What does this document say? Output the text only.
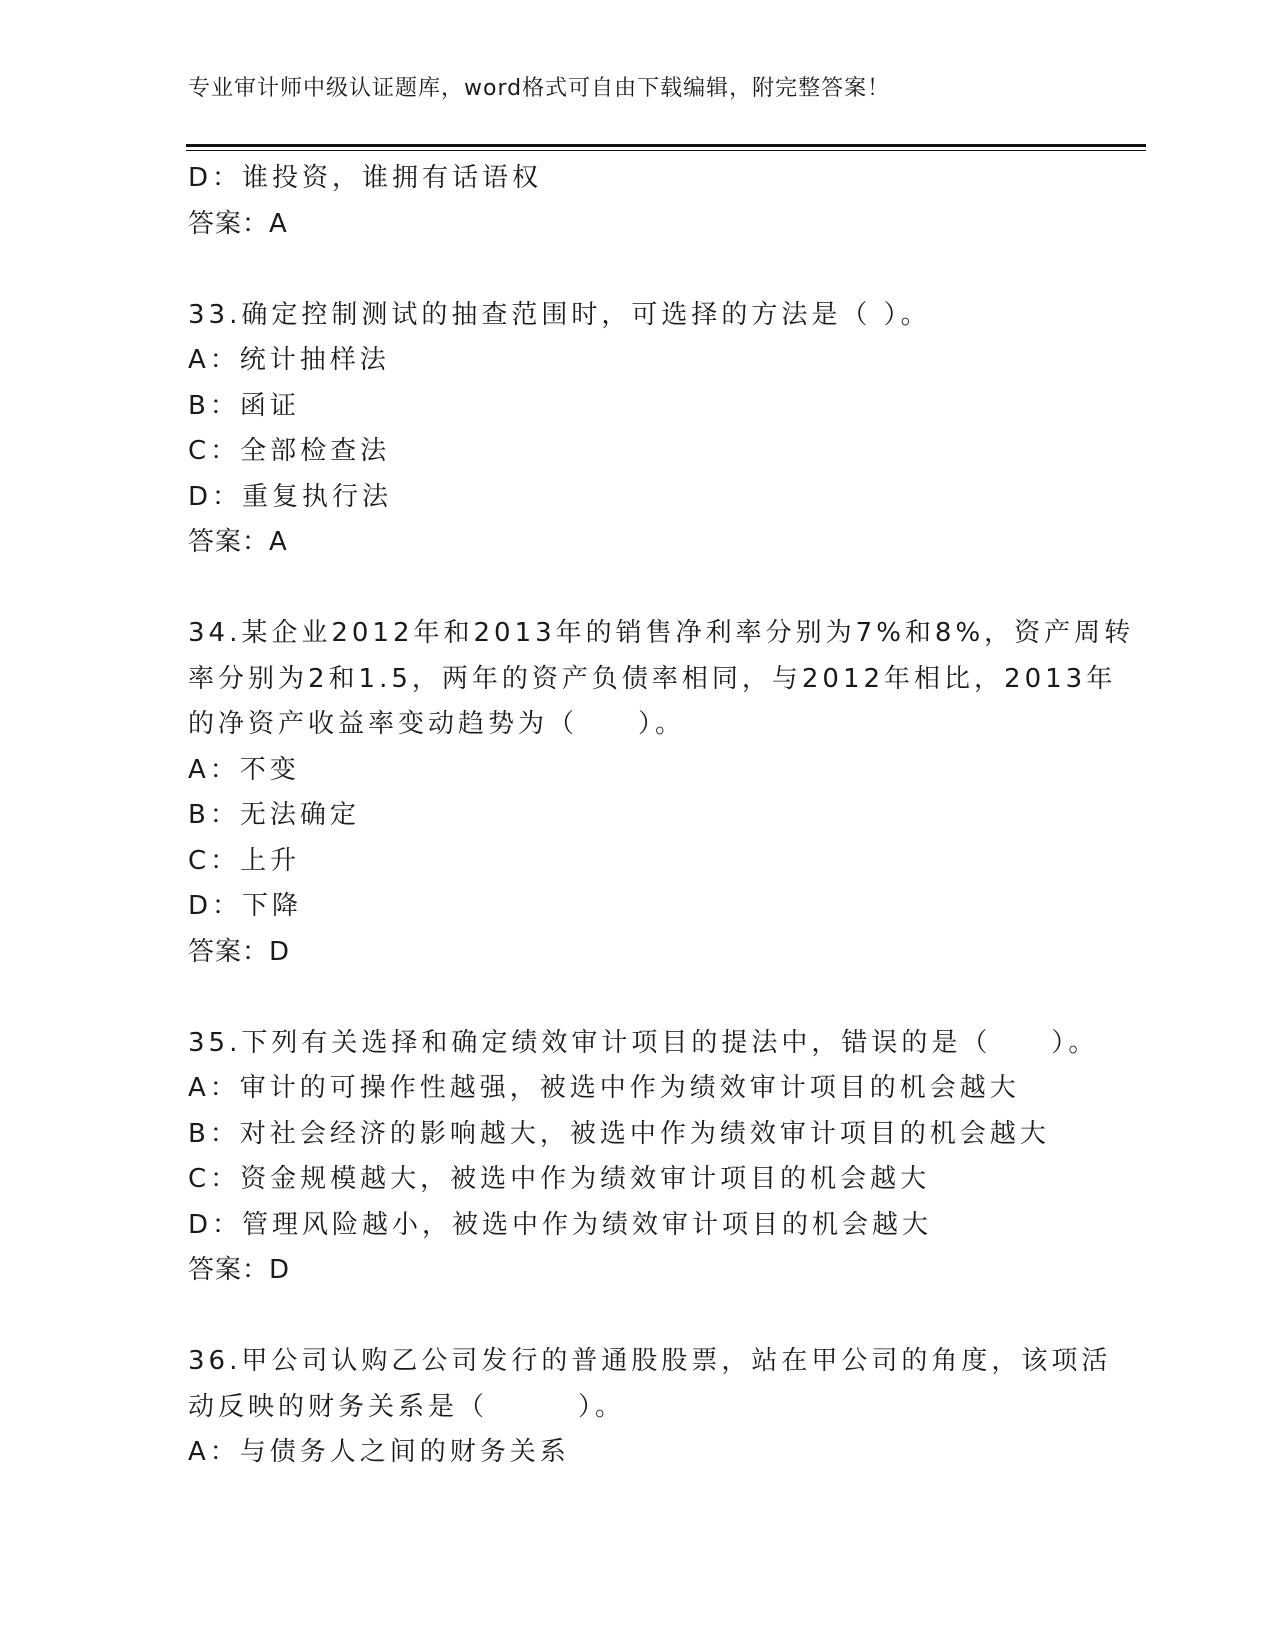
专业审计师中级认证题库，word格式可自由下载编辑，附完整答案！
D：谁投资，谁拥有话语权
答案：A
33.确定控制测试的抽查范围时，可选择的方法是（ ）。
A：统计抽样法
B：函证
C：全部检查法
D：重复执行法
答案：A
34.某企业2012年和2013年的销售净利率分别为7%和8%，资产周转
率分别为2和1.5，两年的资产负债率相同，与2012年相比，2013年
的净资产收益率变动趋势为（　　）。
A：不变
B：无法确定
C：上升
D：下降
答案：D
35.下列有关选择和确定绩效审计项目的提法中，错误的是（　　）。
A：审计的可操作性越强，被选中作为绩效审计项目的机会越大
B：对社会经济的影响越大，被选中作为绩效审计项目的机会越大
C：资金规模越大，被选中作为绩效审计项目的机会越大
D：管理风险越小，被选中作为绩效审计项目的机会越大
答案：D
36.甲公司认购乙公司发行的普通股股票，站在甲公司的角度，该项活
动反映的财务关系是（　　　）。
A：与债务人之间的财务关系
